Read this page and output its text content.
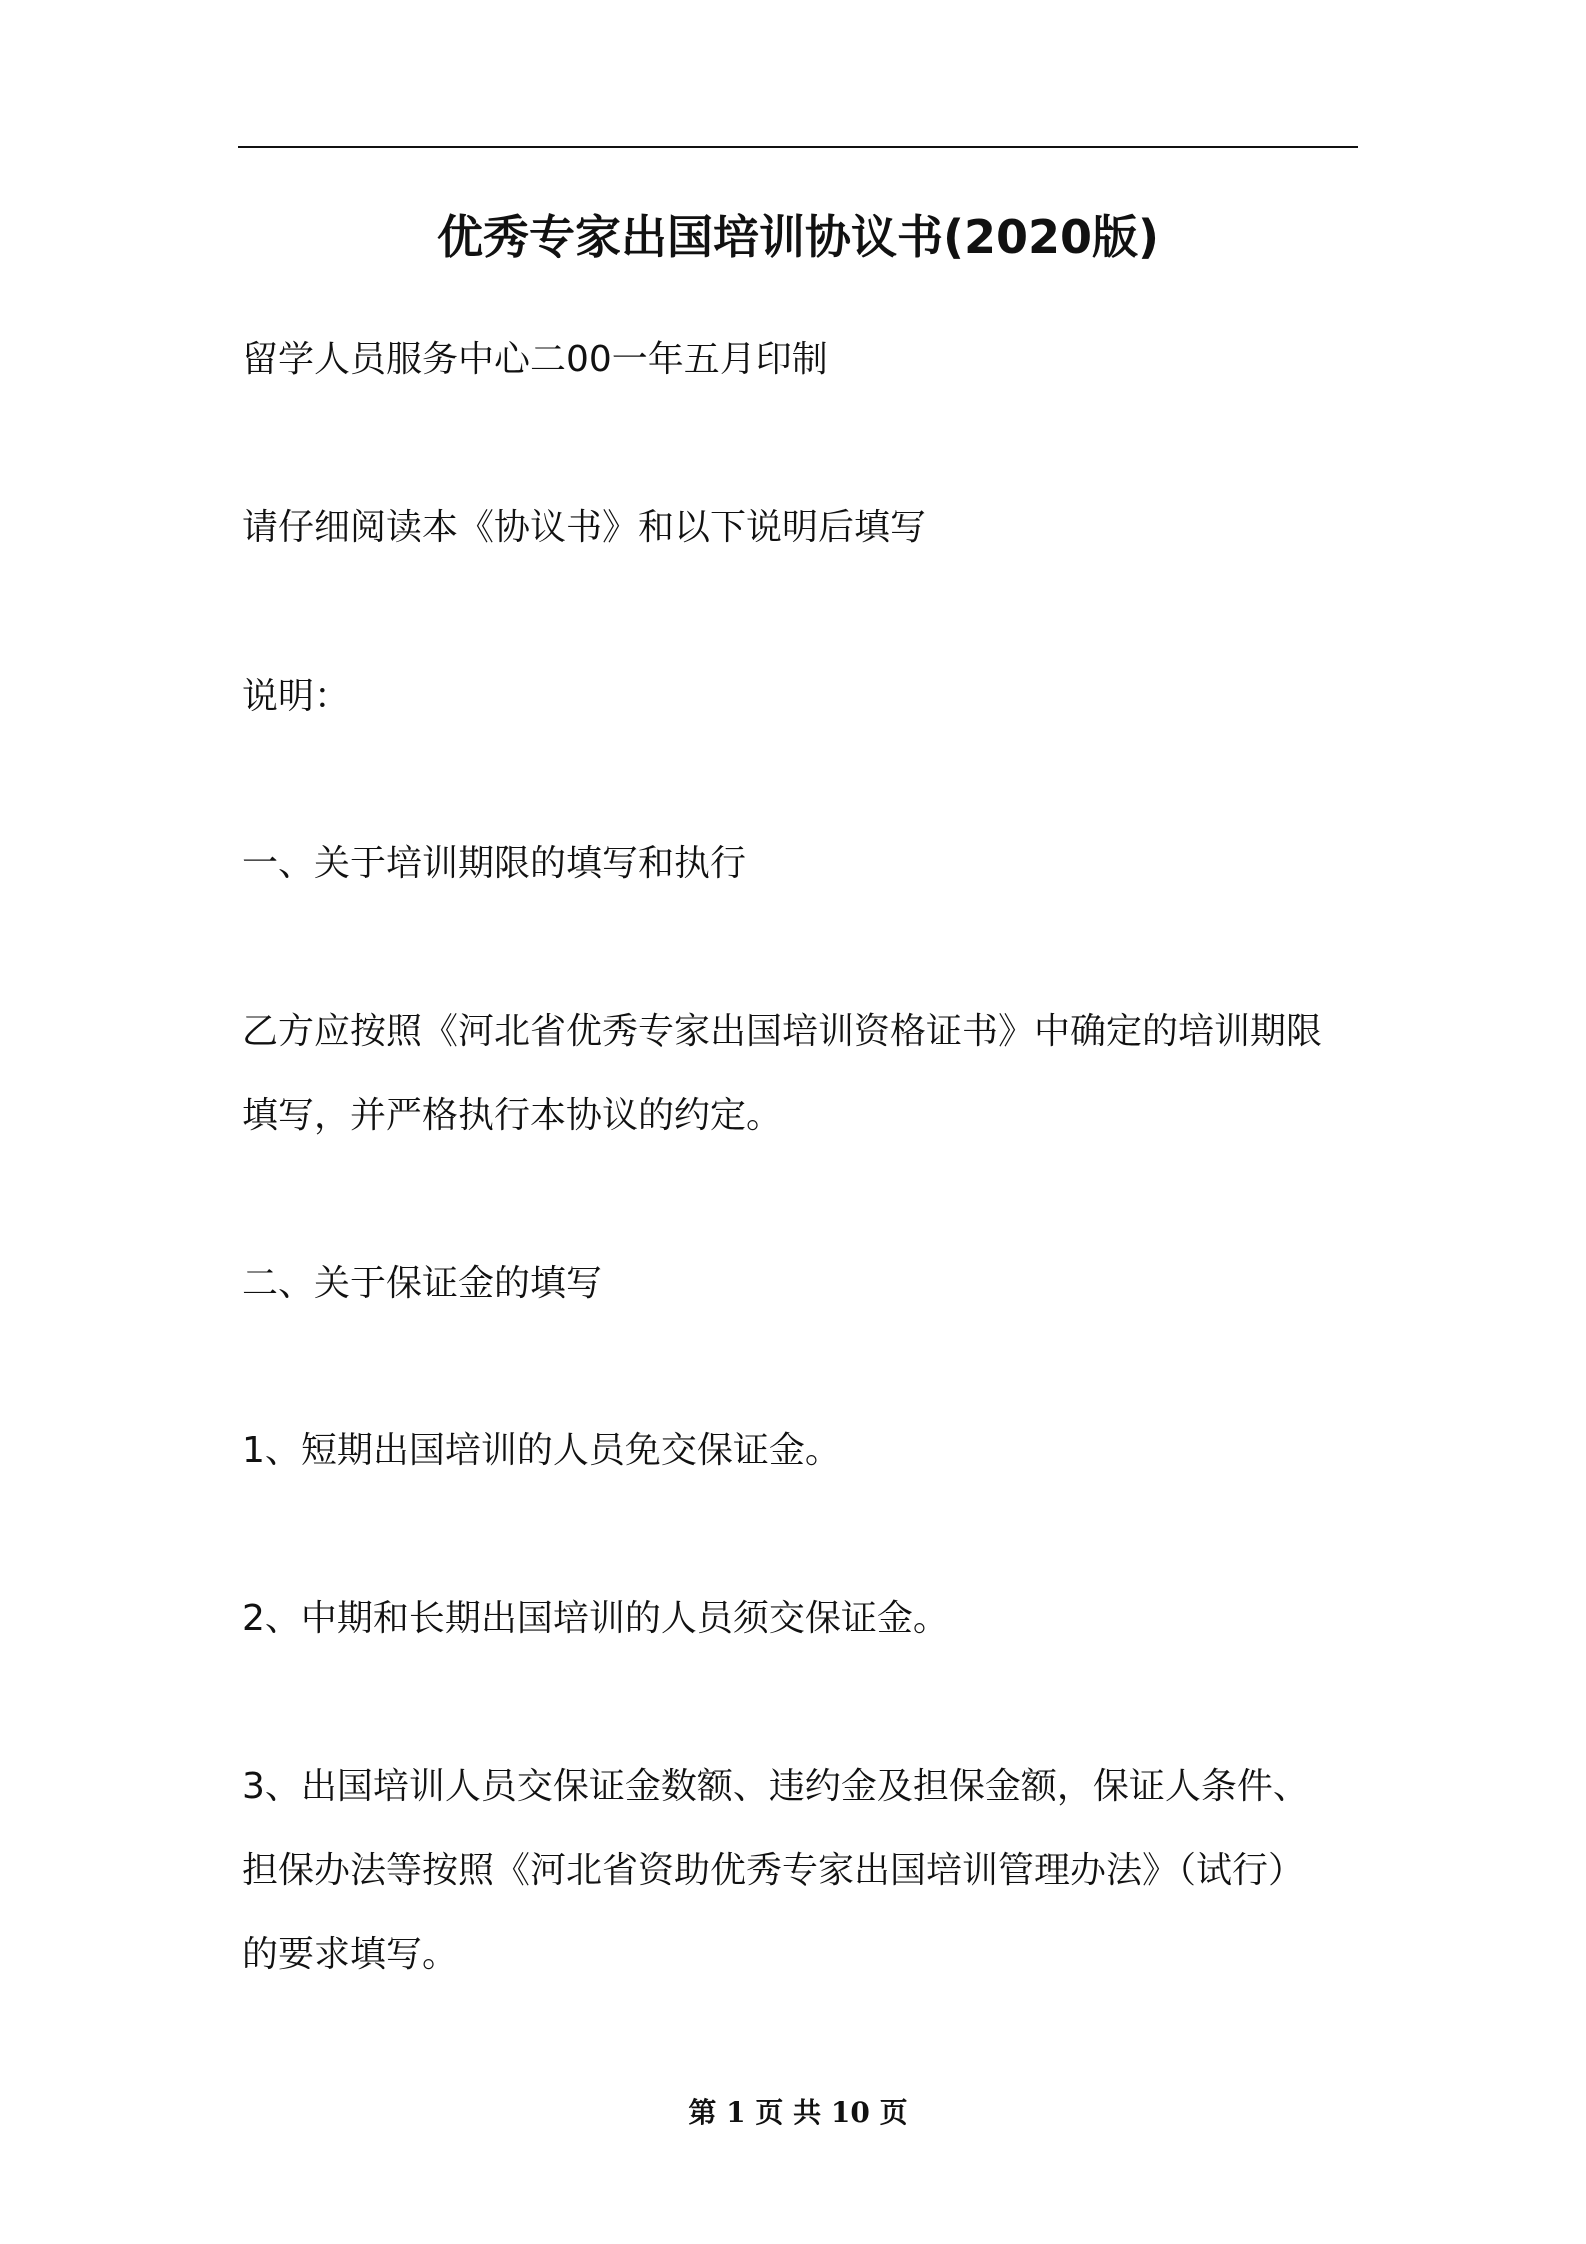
优秀专家出国培训协议书(2020版)
留学人员服务中心二00一年五月印制
请仔细阅读本《协议书》和以下说明后填写
说明：
一、关于培训期限的填写和执行
乙方应按照《河北省优秀专家出国培训资格证书》中确定的培训期限
填写，并严格执行本协议的约定。
二、关于保证金的填写
1、短期出国培训的人员免交保证金。
2、中期和长期出国培训的人员须交保证金。
3、出国培训人员交保证金数额、违约金及担保金额，保证人条件、
担保办法等按照《河北省资助优秀专家出国培训管理办法》（试行）
的要求填写。
第 1 页 共 10 页
